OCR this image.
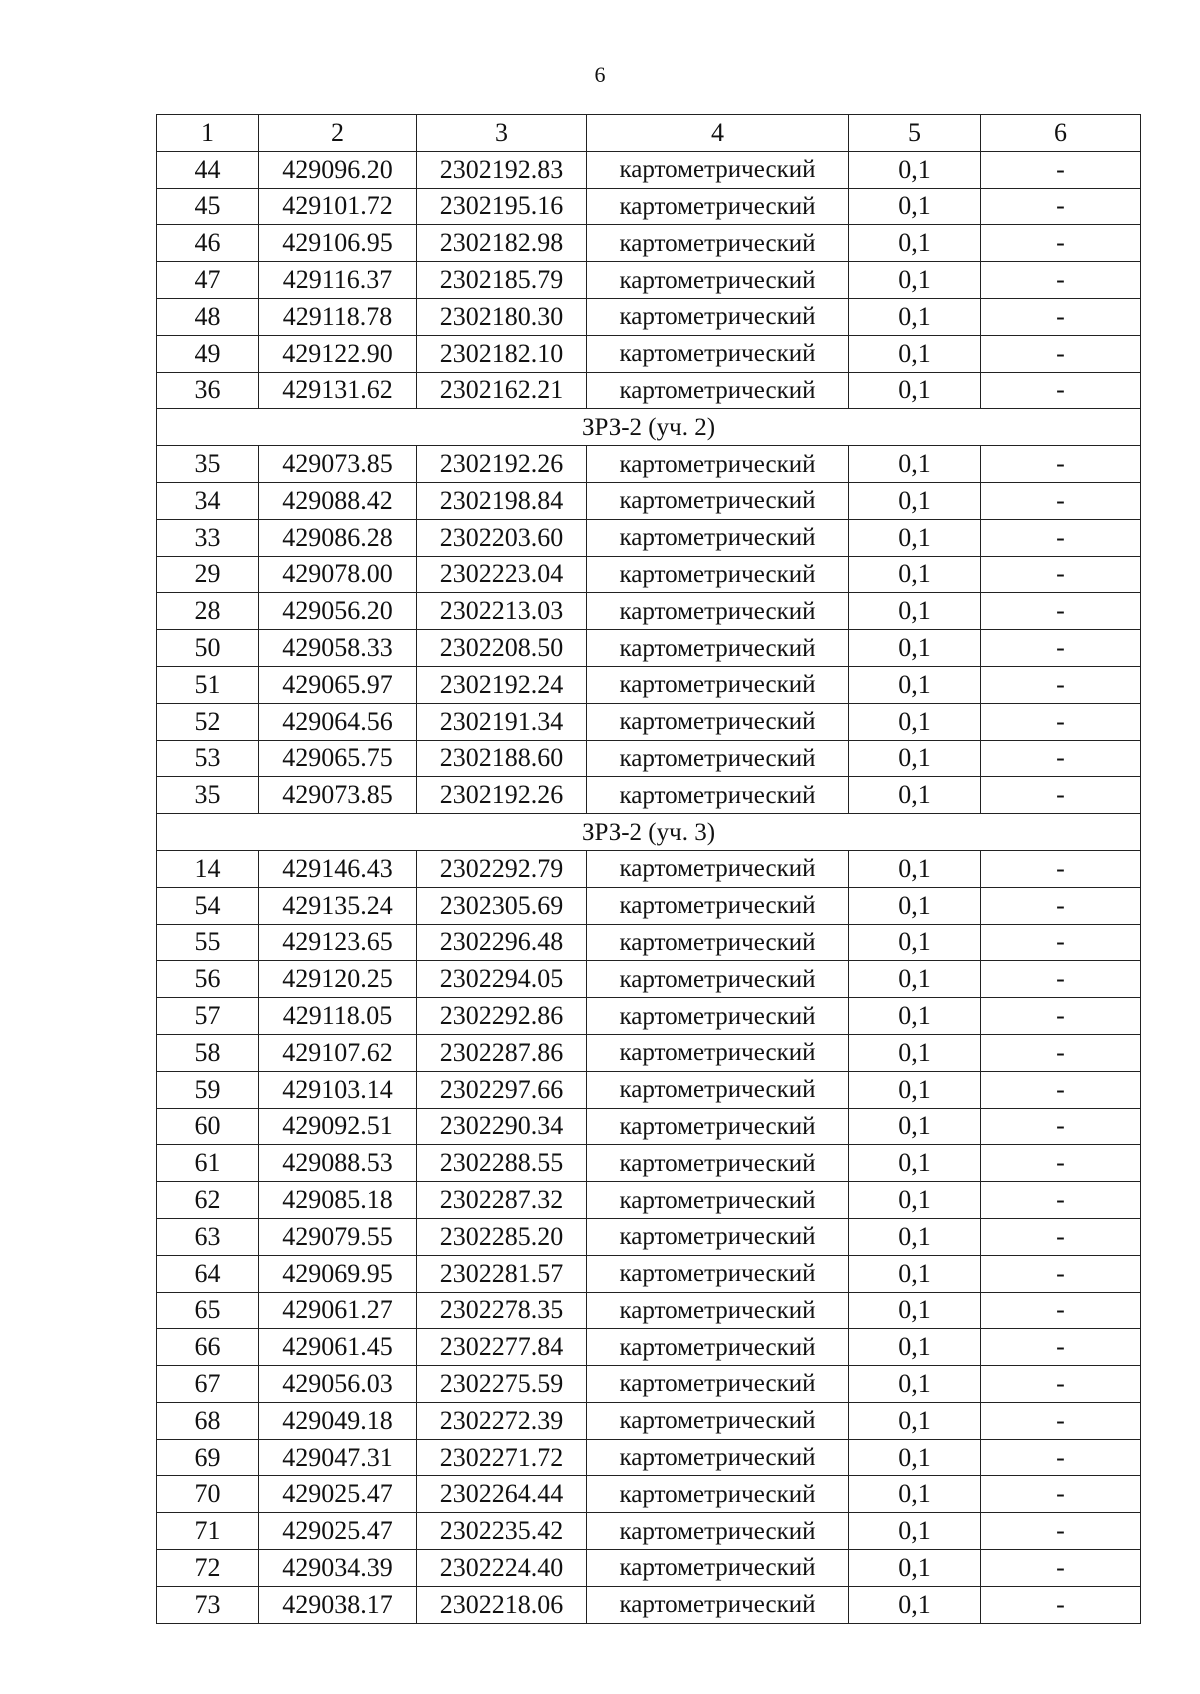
6
1	2	3	4	5	6
44	429096.20	2302192.83	картометрический	0,1	-
45	429101.72	2302195.16	картометрический	0,1	-
46	429106.95	2302182.98	картометрический	0,1	-
47	429116.37	2302185.79	картометрический	0,1	-
48	429118.78	2302180.30	картометрический	0,1	-
49	429122.90	2302182.10	картометрический	0,1	-
36	429131.62	2302162.21	картометрический	0,1	-
ЗРЗ-2 (уч. 2)					
35	429073.85	2302192.26	картометрический	0,1	-
34	429088.42	2302198.84	картометрический	0,1	-
33	429086.28	2302203.60	картометрический	0,1	-
29	429078.00	2302223.04	картометрический	0,1	-
28	429056.20	2302213.03	картометрический	0,1	-
50	429058.33	2302208.50	картометрический	0,1	-
51	429065.97	2302192.24	картометрический	0,1	-
52	429064.56	2302191.34	картометрический	0,1	-
53	429065.75	2302188.60	картометрический	0,1	-
35	429073.85	2302192.26	картометрический	0,1	-
ЗРЗ-2 (уч. 3)					
14	429146.43	2302292.79	картометрический	0,1	-
54	429135.24	2302305.69	картометрический	0,1	-
55	429123.65	2302296.48	картометрический	0,1	-
56	429120.25	2302294.05	картометрический	0,1	-
57	429118.05	2302292.86	картометрический	0,1	-
58	429107.62	2302287.86	картометрический	0,1	-
59	429103.14	2302297.66	картометрический	0,1	-
60	429092.51	2302290.34	картометрический	0,1	-
61	429088.53	2302288.55	картометрический	0,1	-
62	429085.18	2302287.32	картометрический	0,1	-
63	429079.55	2302285.20	картометрический	0,1	-
64	429069.95	2302281.57	картометрический	0,1	-
65	429061.27	2302278.35	картометрический	0,1	-
66	429061.45	2302277.84	картометрический	0,1	-
67	429056.03	2302275.59	картометрический	0,1	-
68	429049.18	2302272.39	картометрический	0,1	-
69	429047.31	2302271.72	картометрический	0,1	-
70	429025.47	2302264.44	картометрический	0,1	-
71	429025.47	2302235.42	картометрический	0,1	-
72	429034.39	2302224.40	картометрический	0,1	-
73	429038.17	2302218.06	картометрический	0,1	-
